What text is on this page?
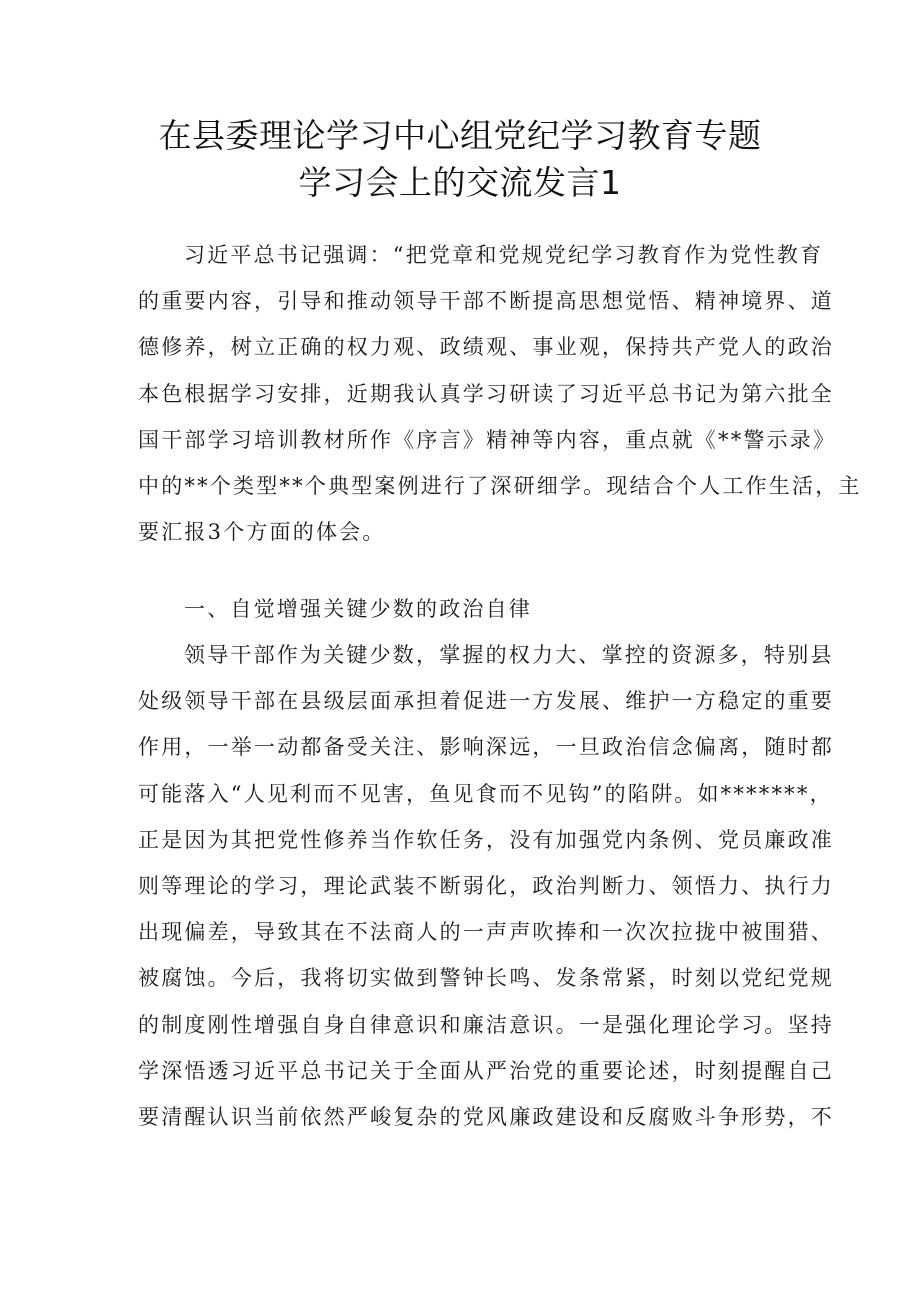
在县委理论学习中心组党纪学习教育专题
学习会上的交流发言1
习近平总书记强调：“把党章和党规党纪学习教育作为党性教育
的重要内容，引导和推动领导干部不断提高思想觉悟、精神境界、道
德修养，树立正确的权力观、政绩观、事业观，保持共产党人的政治
本色根据学习安排，近期我认真学习研读了习近平总书记为第六批全
国干部学习培训教材所作《序言》精神等内容，重点就《**警示录》
中的**个类型**个典型案例进行了深研细学。现结合个人工作生活，主
要汇报3个方面的体会。
一、自觉增强关键少数的政治自律
领导干部作为关键少数，掌握的权力大、掌控的资源多，特别县
处级领导干部在县级层面承担着促进一方发展、维护一方稳定的重要
作用，一举一动都备受关注、影响深远，一旦政治信念偏离，随时都
可能落入“人见利而不见害，鱼见食而不见钩”的陷阱。如*******，
正是因为其把党性修养当作软任务，没有加强党内条例、党员廉政准
则等理论的学习，理论武装不断弱化，政治判断力、领悟力、执行力
出现偏差，导致其在不法商人的一声声吹捧和一次次拉拢中被围猎、
被腐蚀。今后，我将切实做到警钟长鸣、发条常紧，时刻以党纪党规
的制度刚性增强自身自律意识和廉洁意识。一是强化理论学习。坚持
学深悟透习近平总书记关于全面从严治党的重要论述，时刻提醒自己
要清醒认识当前依然严峻复杂的党风廉政建设和反腐败斗争形势，不
